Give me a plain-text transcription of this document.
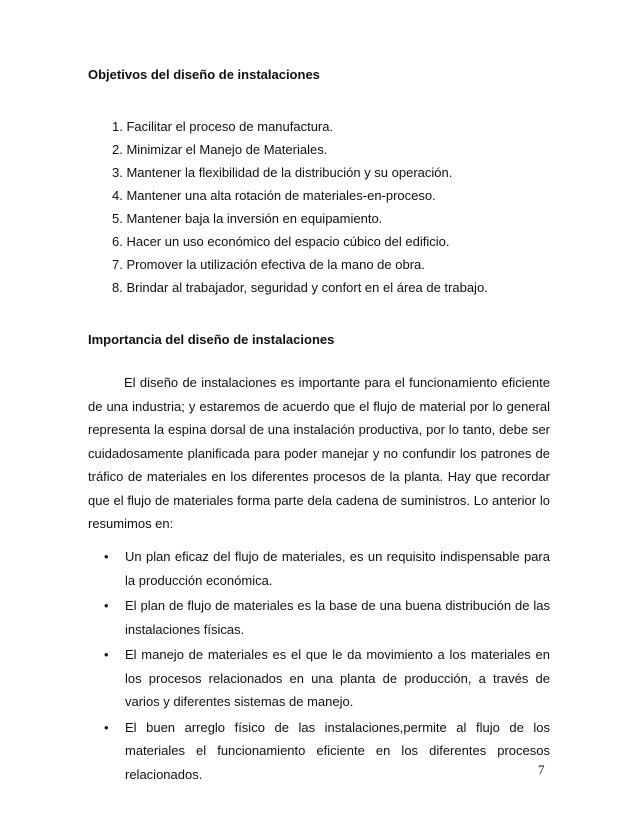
Objetivos del diseño de instalaciones
1. Facilitar el proceso de manufactura.
2. Minimizar el Manejo de Materiales.
3. Mantener la flexibilidad de la distribución y su operación.
4. Mantener una alta rotación de materiales-en-proceso.
5. Mantener baja la inversión en equipamiento.
6. Hacer un uso económico del espacio cúbico del edificio.
7. Promover la utilización efectiva de la mano de obra.
8. Brindar al trabajador, seguridad y confort en el área de trabajo.
Importancia del diseño de instalaciones

El diseño de instalaciones es importante para el funcionamiento eficiente de una industria; y estaremos de acuerdo que el flujo de material por lo general representa la espina dorsal de una instalación productiva, por lo tanto, debe ser cuidadosamente planificada para poder manejar y no confundir los patrones de tráfico de materiales en los diferentes procesos de la planta. Hay que recordar que el flujo de materiales forma parte dela cadena de suministros. Lo anterior lo resumimos en:

• Un plan eficaz del flujo de materiales, es un requisito indispensable para la producción económica.
• El plan de flujo de materiales es la base de una buena distribución de las instalaciones físicas.
• El manejo de materiales es el que le da movimiento a los materiales en los procesos relacionados en una planta de producción, a través de varios y diferentes sistemas de manejo.
• El buen arreglo físico de las instalaciones,permite al flujo de los materiales el funcionamiento eficiente en los diferentes procesos relacionados.	7
